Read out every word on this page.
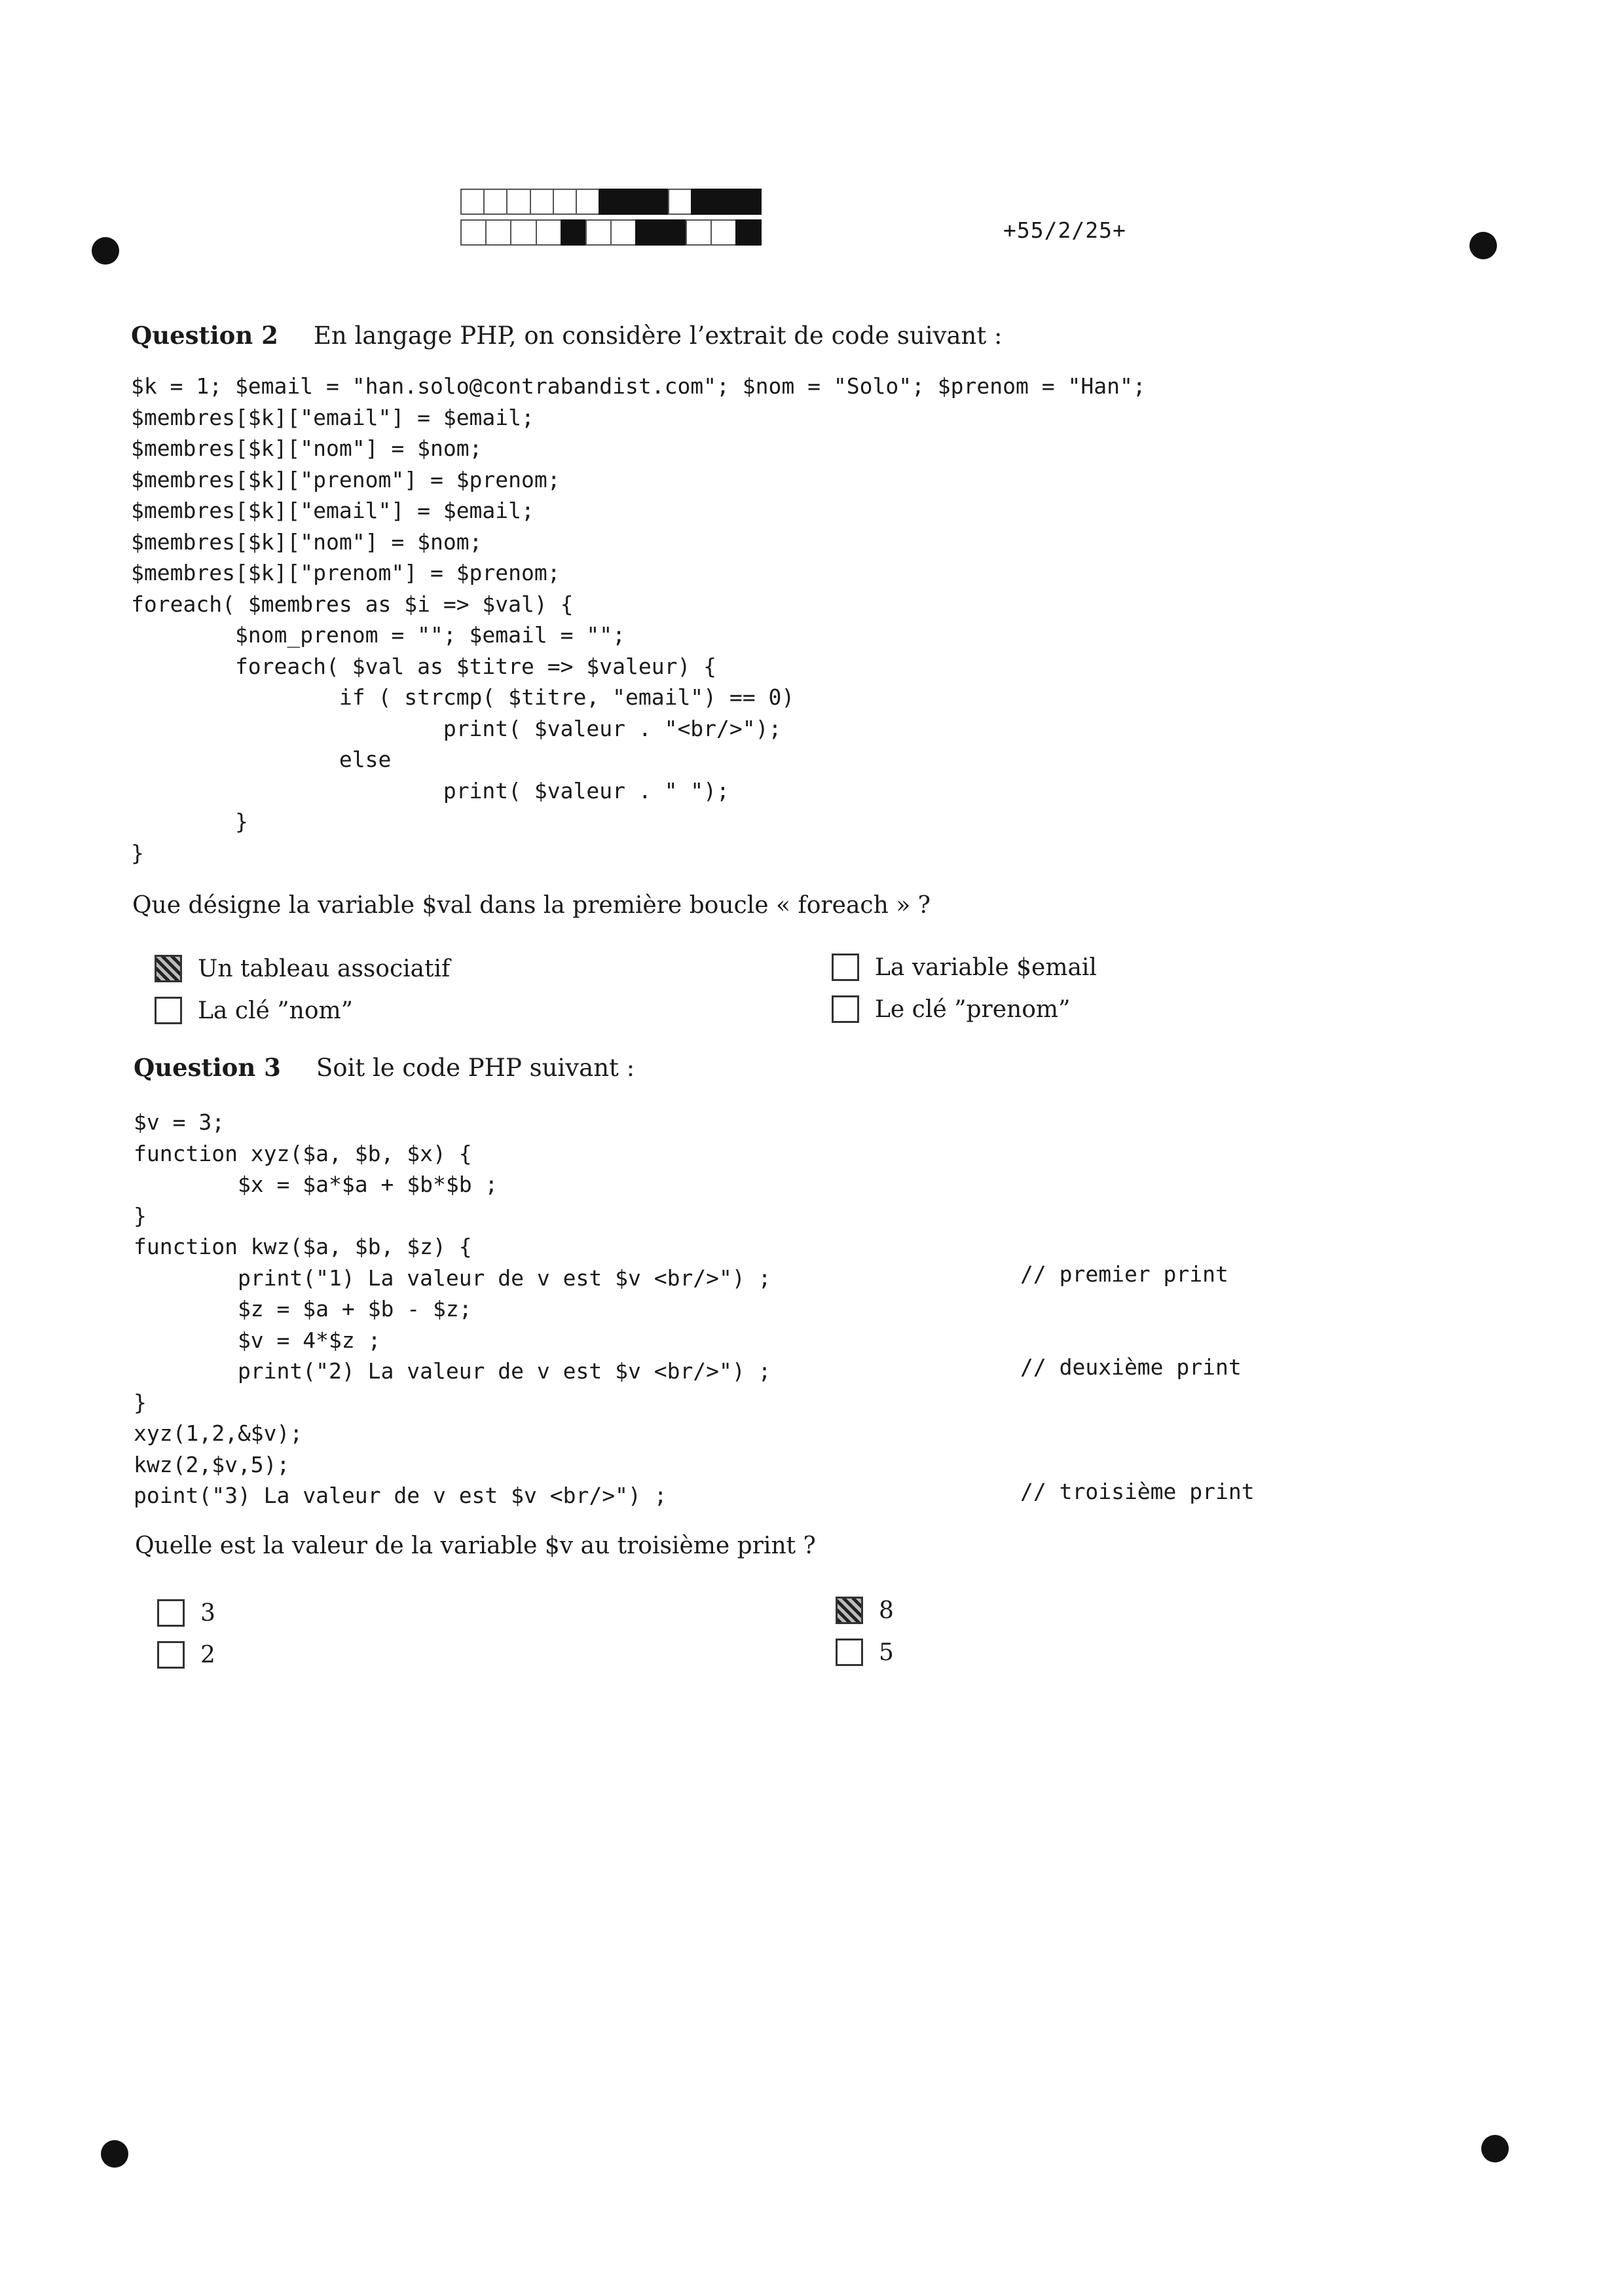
+55/2/25+
Question 2 En langage PHP, on considère l’extrait de code suivant :
$k = 1; $email = "han.solo@contrabandist.com"; $nom = "Solo"; $prenom = "Han";
$membres[$k]["email"] = $email;
$membres[$k]["nom"] = $nom;
$membres[$k]["prenom"] = $prenom;
$membres[$k]["email"] = $email;
$membres[$k]["nom"] = $nom;
$membres[$k]["prenom"] = $prenom;
foreach( $membres as $i => $val) {
$nom_prenom = ""; $email = "";
foreach( $val as $titre => $valeur) {
if ( strcmp( $titre, "email") == 0)
print( $valeur . "<br/>");
else
print( $valeur . " ");
}
}
Que désigne la variable $val dans la première boucle « foreach » ?
Un tableau associatif
La clé ”nom”
La variable $email
Le clé ”prenom”
Question 3 Soit le code PHP suivant :
$v = 3;
function xyz($a, $b, $x) {
$x = $a*$a + $b*$b ;
}
function kwz($a, $b, $z) {
print("1) La valeur de v est $v <br/>") ;
$z = $a + $b - $z;
$v = 4*$z ;
print("2) La valeur de v est $v <br/>") ;
}
xyz(1,2,&$v);
kwz(2,$v,5);
point("3) La valeur de v est $v <br/>") ;
// premier print
// deuxième print
// troisième print
Quelle est la valeur de la variable $v au troisième print ?
3
2
8
5
